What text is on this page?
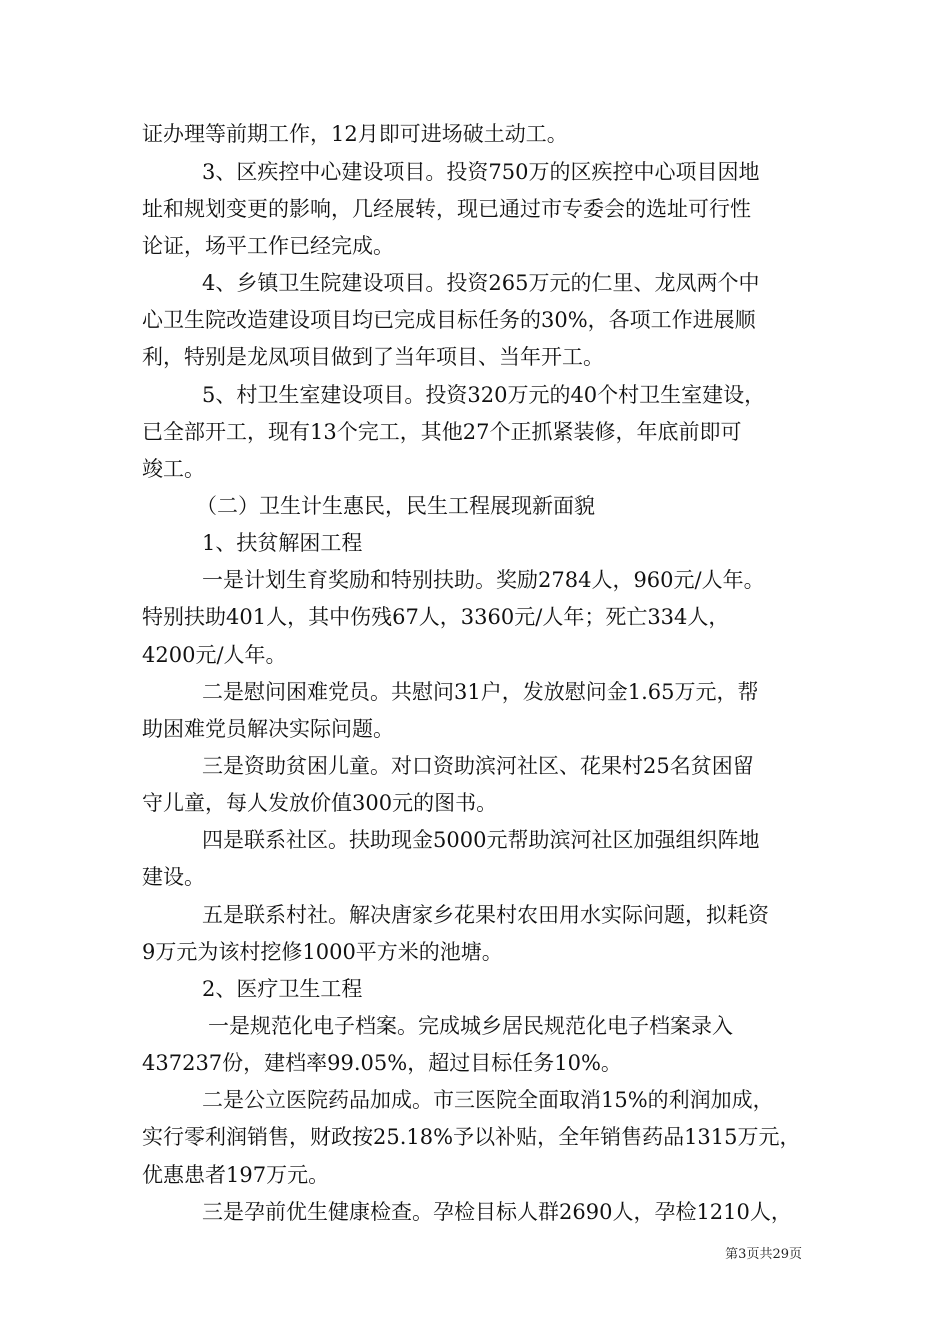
证办理等前期工作，12月即可进场破土动工。

3、区疾控中心建设项目。投资750万的区疾控中心项目因地

址和规划变更的影响，几经展转，现已通过市专委会的选址可行性

论证，场平工作已经完成。

4、乡镇卫生院建设项目。投资265万元的仁里、龙凤两个中

心卫生院改造建设项目均已完成目标任务的30%，各项工作进展顺

利，特别是龙凤项目做到了当年项目、当年开工。

5、村卫生室建设项目。投资320万元的40个村卫生室建设，

已全部开工，现有13个完工，其他27个正抓紧装修，年底前即可

竣工。

（二）卫生计生惠民，民生工程展现新面貌

1、扶贫解困工程

一是计划生育奖励和特别扶助。奖励2784人，960元/人年。

特别扶助401人，其中伤残67人，3360元/人年；死亡334人，

4200元/人年。

二是慰问困难党员。共慰问31户，发放慰问金1.65万元，帮

助困难党员解决实际问题。

三是资助贫困儿童。对口资助滨河社区、花果村25名贫困留

守儿童，每人发放价值300元的图书。

四是联系社区。扶助现金5000元帮助滨河社区加强组织阵地

建设。

五是联系村社。解决唐家乡花果村农田用水实际问题，拟耗资

9万元为该村挖修1000平方米的池塘。

2、医疗卫生工程

一是规范化电子档案。完成城乡居民规范化电子档案录入

437237份，建档率99.05%，超过目标任务10%。

二是公立医院药品加成。市三医院全面取消15%的利润加成，

实行零利润销售，财政按25.18%予以补贴，全年销售药品1315万元，

优惠患者197万元。

三是孕前优生健康检查。孕检目标人群2690人，孕检1210人，

第3页共29页
